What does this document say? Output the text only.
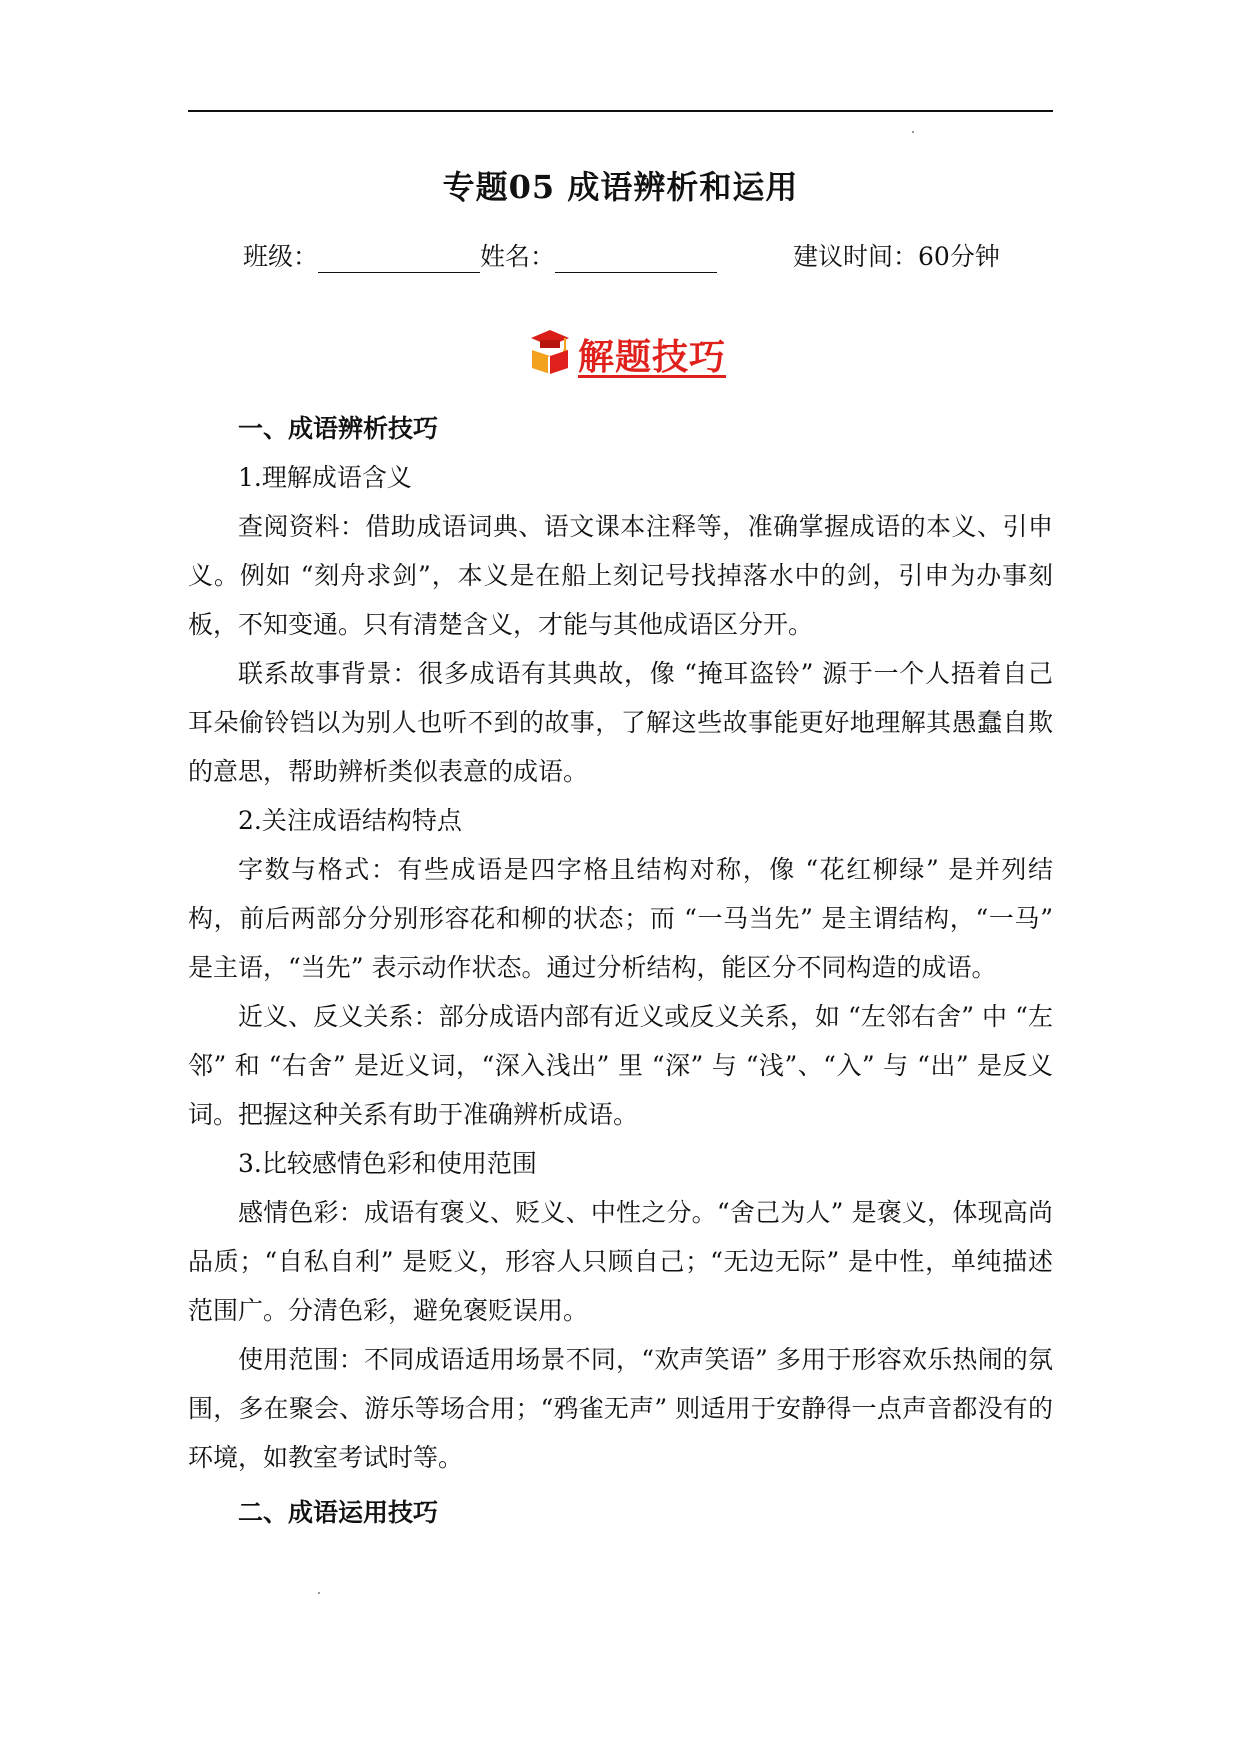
专题05 成语辨析和运用
班级：	姓名：	建议时间：60分钟
解题技巧

一、成语辨析技巧

1.理解成语含义

查阅资料：借助成语词典、语文课本注释等，准确掌握成语的本义、引申义。例如 “刻舟求剑”，本义是在船上刻记号找掉落水中的剑，引申为办事刻板，不知变通。只有清楚含义，才能与其他成语区分开。

联系故事背景：很多成语有其典故，像 “掩耳盗铃” 源于一个人捂着自己耳朵偷铃铛以为别人也听不到的故事，了解这些故事能更好地理解其愚蠢自欺的意思，帮助辨析类似表意的成语。

2.关注成语结构特点

字数与格式：有些成语是四字格且结构对称，像 “花红柳绿” 是并列结构，前后两部分分别形容花和柳的状态；而 “一马当先” 是主谓结构，“一马” 是主语，“当先” 表示动作状态。通过分析结构，能区分不同构造的成语。

近义、反义关系：部分成语内部有近义或反义关系，如 “左邻右舍” 中 “左邻” 和 “右舍” 是近义词，“深入浅出” 里 “深” 与 “浅”、“入” 与 “出” 是反义词。把握这种关系有助于准确辨析成语。

3.比较感情色彩和使用范围

感情色彩：成语有褒义、贬义、中性之分。“舍己为人” 是褒义，体现高尚品质；“自私自利” 是贬义，形容人只顾自己；“无边无际” 是中性，单纯描述范围广。分清色彩，避免褒贬误用。

使用范围：不同成语适用场景不同，“欢声笑语” 多用于形容欢乐热闹的氛围，多在聚会、游乐等场合用；“鸦雀无声” 则适用于安静得一点声音都没有的环境，如教室考试时等。

二、成语运用技巧
